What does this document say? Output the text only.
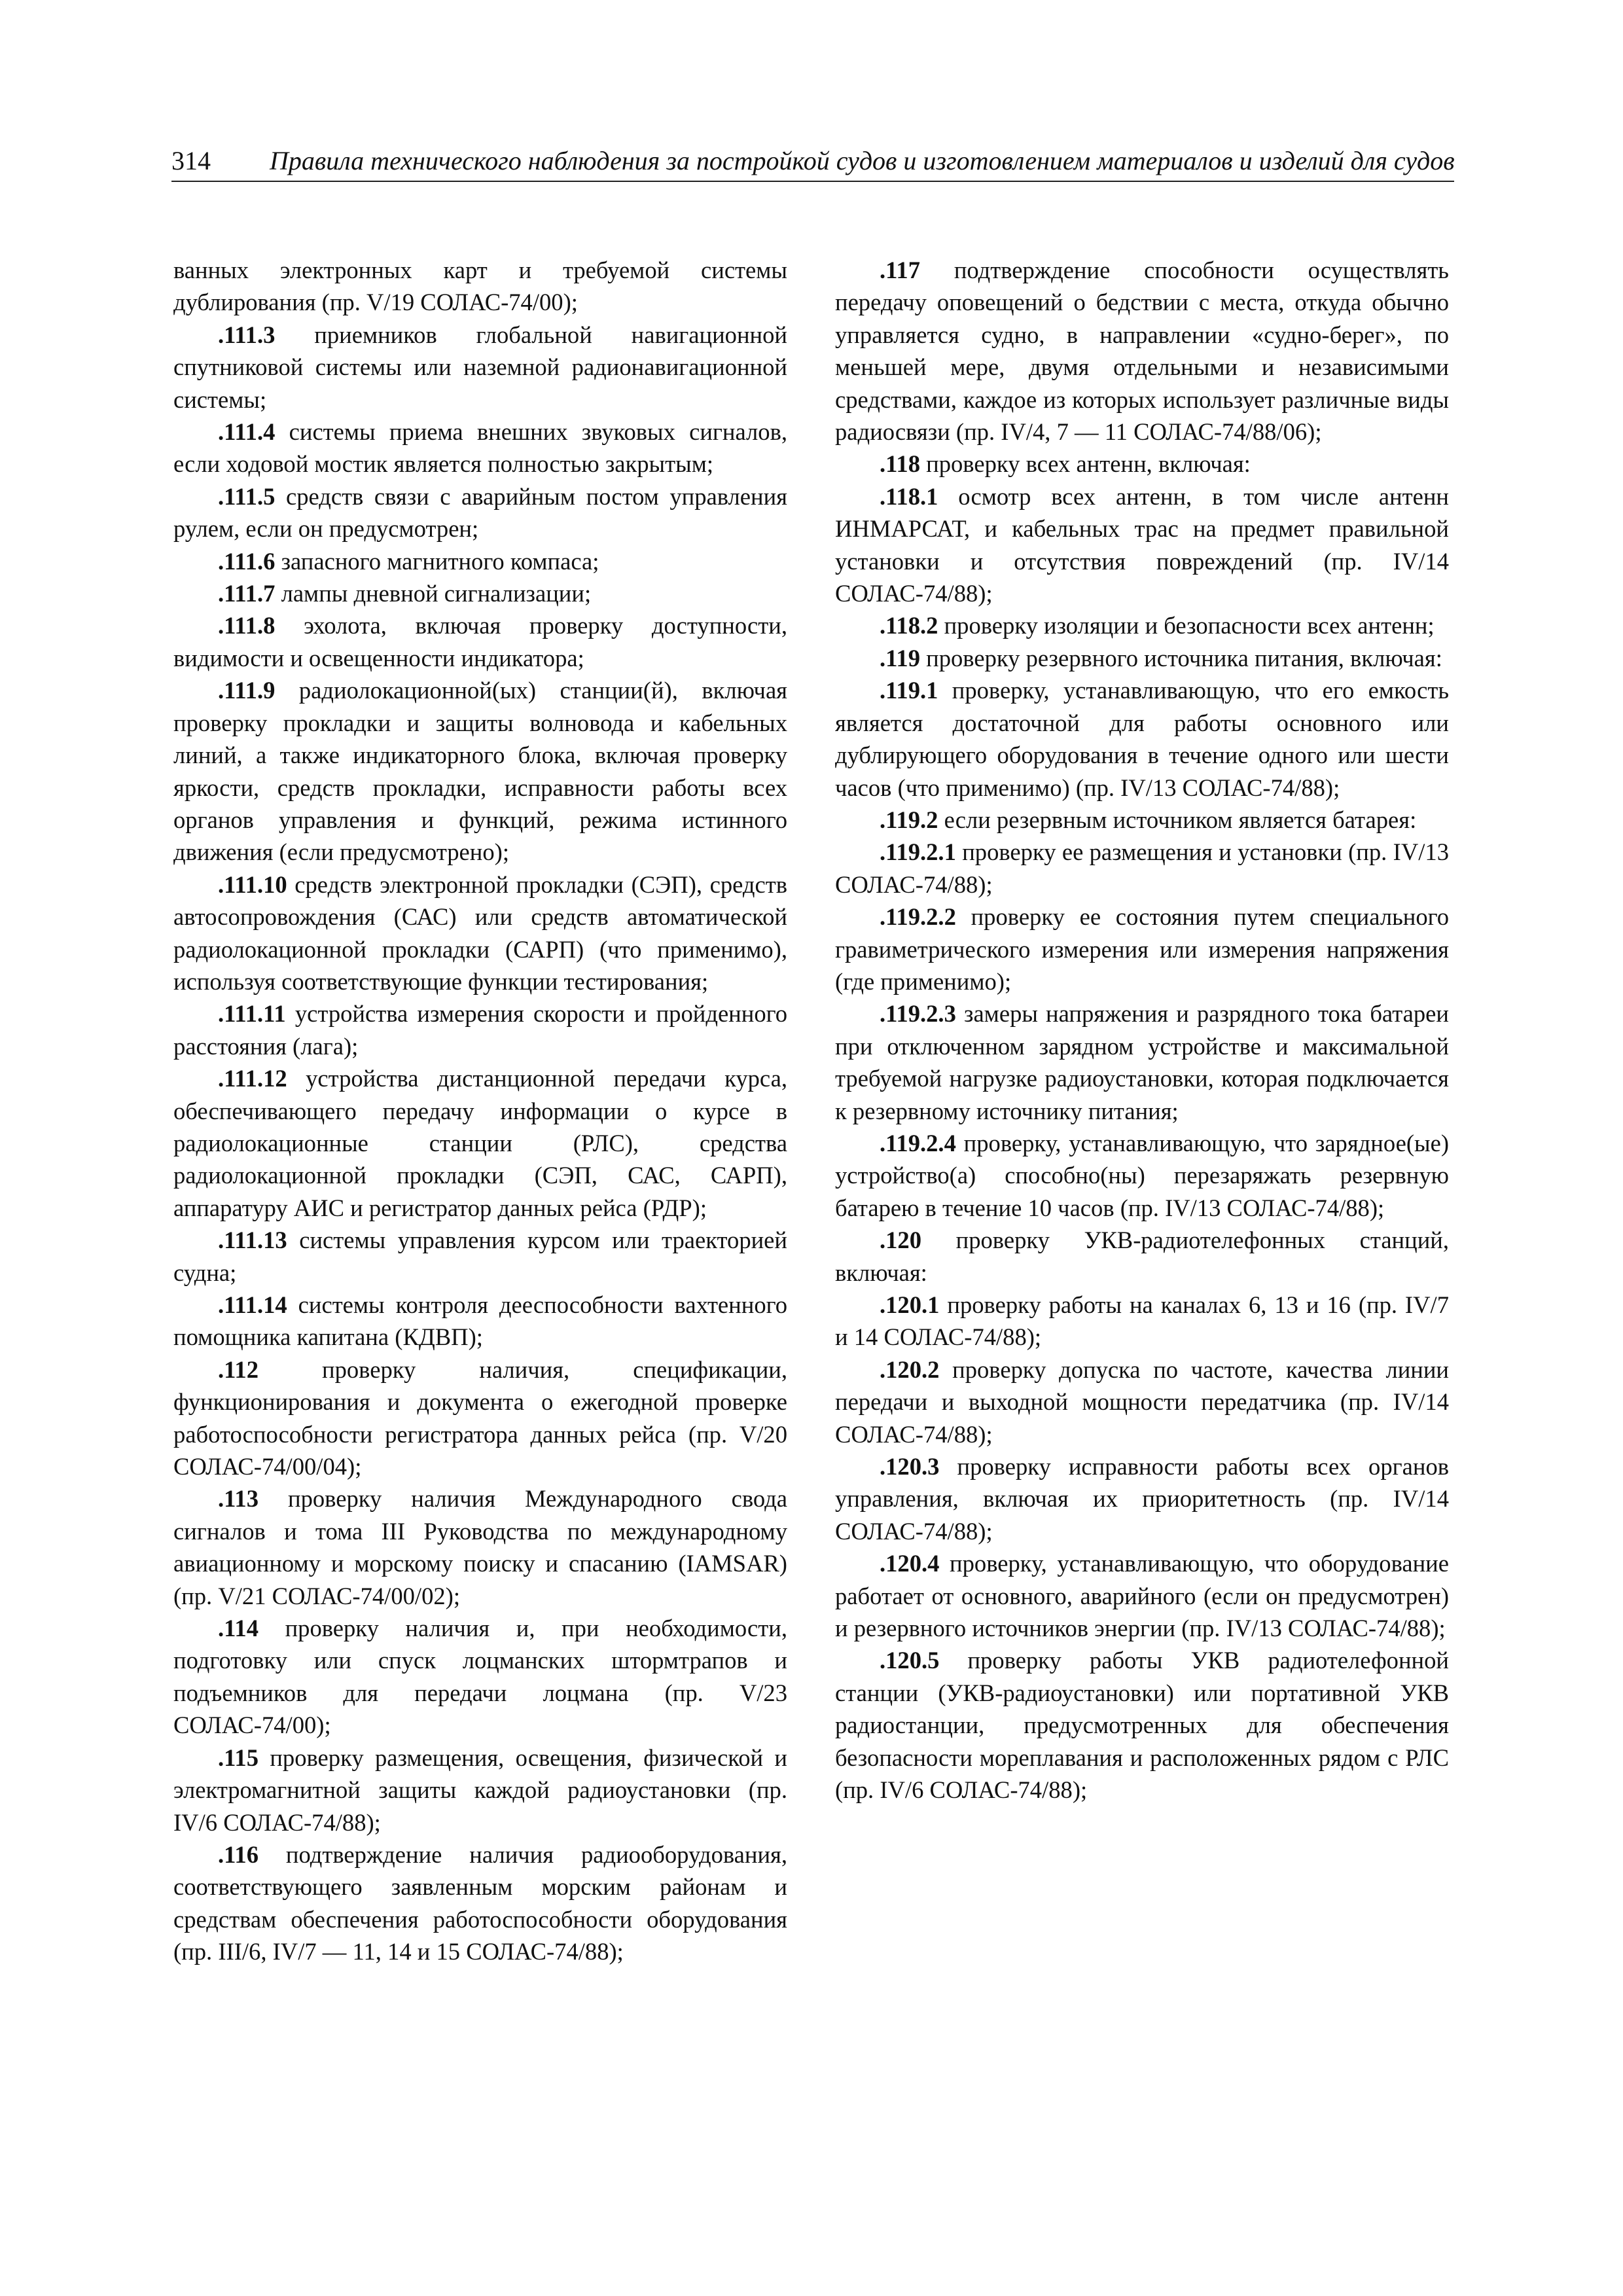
314 Правила технического наблюдения за постройкой судов и изготовлением материалов и изделий для судов

ванных электронных карт и требуемой системы дублирования (пр. V/19 СОЛАС-74/00);

.111.3 приемников глобальной навигационной спутниковой системы или наземной радионавигационной системы;

.111.4 системы приема внешних звуковых сигналов, если ходовой мостик является полностью закрытым;

.111.5 средств связи с аварийным постом управления рулем, если он предусмотрен;

.111.6 запасного магнитного компаса;

.111.7 лампы дневной сигнализации;

.111.8 эхолота, включая проверку доступности, видимости и освещенности индикатора;

.111.9 радиолокационной(ых) станции(й), включая проверку прокладки и защиты волновода и кабельных линий, а также индикаторного блока, включая проверку яркости, средств прокладки, исправности работы всех органов управления и функций, режима истинного движения (если предусмотрено);

.111.10 средств электронной прокладки (СЭП), средств автосопровождения (САС) или средств автоматической радиолокационной прокладки (САРП) (что применимо), используя соответствующие функции тестирования;

.111.11 устройства измерения скорости и пройденного расстояния (лага);

.111.12 устройства дистанционной передачи курса, обеспечивающего передачу информации о курсе в радиолокационные станции (РЛС), средства радиолокационной прокладки (СЭП, САС, САРП), аппаратуру АИС и регистратор данных рейса (РДР);

.111.13 системы управления курсом или траекторией судна;

.111.14 системы контроля дееспособности вахтенного помощника капитана (КДВП);

.112 проверку наличия, спецификации, функционирования и документа о ежегодной проверке работоспособности регистратора данных рейса (пр. V/20 СОЛАС-74/00/04);

.113 проверку наличия Международного свода сигналов и тома III Руководства по международному авиационному и морскому поиску и спасанию (IAMSAR) (пр. V/21 СОЛАС-74/00/02);

.114 проверку наличия и, при необходимости, подготовку или спуск лоцманских штормтрапов и подъемников для передачи лоцмана (пр. V/23 СОЛАС-74/00);

.115 проверку размещения, освещения, физической и электромагнитной защиты каждой радиоустановки (пр. IV/6 СОЛАС-74/88);

.116 подтверждение наличия радиооборудования, соответствующего заявленным морским районам и средствам обеспечения работоспособности оборудования (пр. III/6, IV/7 — 11, 14 и 15 СОЛАС-74/88);

.117 подтверждение способности осуществлять передачу оповещений о бедствии с места, откуда обычно управляется судно, в направлении «судно-берег», по меньшей мере, двумя отдельными и независимыми средствами, каждое из которых использует различные виды радиосвязи (пр. IV/4, 7 — 11 СОЛАС-74/88/06);

.118 проверку всех антенн, включая:

.118.1 осмотр всех антенн, в том числе антенн ИНМАРСАТ, и кабельных трас на предмет правильной установки и отсутствия повреждений (пр. IV/14 СОЛАС-74/88);

.118.2 проверку изоляции и безопасности всех антенн;

.119 проверку резервного источника питания, включая:

.119.1 проверку, устанавливающую, что его емкость является достаточной для работы основного или дублирующего оборудования в течение одного или шести часов (что применимо) (пр. IV/13 СОЛАС-74/88);

.119.2 если резервным источником является батарея:

.119.2.1 проверку ее размещения и установки (пр. IV/13 СОЛАС-74/88);

.119.2.2 проверку ее состояния путем специального гравиметрического измерения или измерения напряжения (где применимо);

.119.2.3 замеры напряжения и разрядного тока батареи при отключенном зарядном устройстве и максимальной требуемой нагрузке радиоустановки, которая подключается к резервному источнику питания;

.119.2.4 проверку, устанавливающую, что зарядное(ые) устройство(а) способно(ны) перезаряжать резервную батарею в течение 10 часов (пр. IV/13 СОЛАС-74/88);

.120 проверку УКВ-радиотелефонных станций, включая:

.120.1 проверку работы на каналах 6, 13 и 16 (пр. IV/7 и 14 СОЛАС-74/88);

.120.2 проверку допуска по частоте, качества линии передачи и выходной мощности передатчика (пр. IV/14 СОЛАС-74/88);

.120.3 проверку исправности работы всех органов управления, включая их приоритетность (пр. IV/14 СОЛАС-74/88);

.120.4 проверку, устанавливающую, что оборудование работает от основного, аварийного (если он предусмотрен) и резервного источников энергии (пр. IV/13 СОЛАС-74/88);

.120.5 проверку работы УКВ радиотелефонной станции (УКВ-радиоустановки) или портативной УКВ радиостанции, предусмотренных для обеспечения безопасности мореплавания и расположенных рядом с РЛС (пр. IV/6 СОЛАС-74/88);
